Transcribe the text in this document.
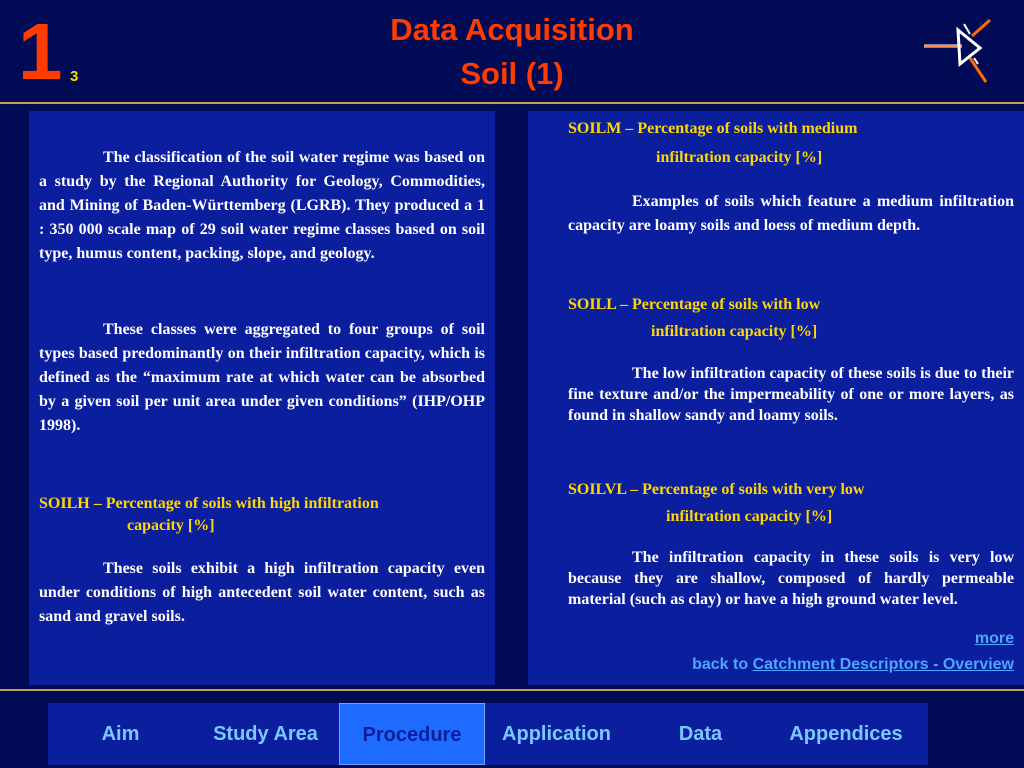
1 3
Data Acquisition
Soil (1)

The classification of the soil water regime was based on a study by the Regional Authority for Geology, Commodities, and Mining of Baden-Württemberg (LGRB). They produced a 1 : 350 000 scale map of 29 soil water regime classes based on soil type, humus content, packing, slope, and geology.

These classes were aggregated to four groups of soil types based predominantly on their infiltration capacity, which is defined as the “maximum rate at which water can be absorbed by a given soil per unit area under given conditions” (IHP/OHP 1998).

SOILH – Percentage of soils with high infiltration

capacity [%]

These soils exhibit a high infiltration capacity even under conditions of high antecedent soil water content, such as sand and gravel soils.

SOILM – Percentage of soils with medium

infiltration capacity [%]

Examples of soils which feature a medium infiltration capacity are loamy soils and loess of medium depth.

SOILL – Percentage of soils with low

infiltration capacity [%]

The low infiltration capacity of these soils is due to their fine texture and/or the impermeability of one or more layers, as found in shallow sandy and loamy soils.

SOILVL – Percentage of soils with very low

infiltration capacity [%]

The infiltration capacity in these soils is very low because they are shallow, composed of hardly permeable material (such as clay) or have a high ground water level.

more
back to Catchment Descriptors - Overview
Aim	Study Area	Procedure	Application	Data	Appendices
